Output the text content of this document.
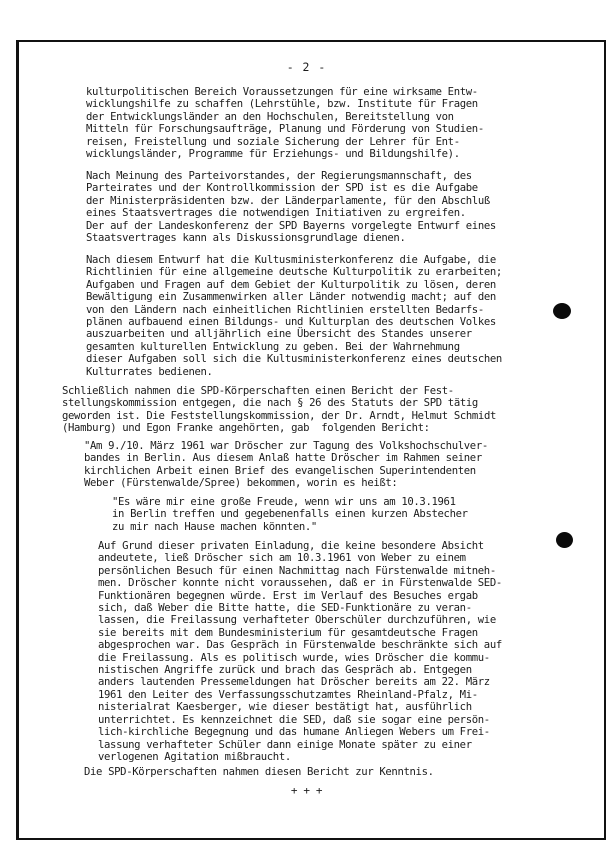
- 2 -
kulturpolitischen Bereich Voraussetzungen für eine wirksame Entw-
wicklungshilfe zu schaffen (Lehrstühle, bzw. Institute für Fragen
der Entwicklungsländer an den Hochschulen, Bereitstellung von
Mitteln für Forschungsaufträge, Planung und Förderung von Studien-
reisen, Freistellung und soziale Sicherung der Lehrer für Ent-
wicklungsländer, Programme für Erziehungs- und Bildungshilfe).
Nach Meinung des Parteivorstandes, der Regierungsmannschaft, des
Parteirates und der Kontrollkommission der SPD ist es die Aufgabe
der Ministerpräsidenten bzw. der Länderparlamente, für den Abschluß
eines Staatsvertrages die notwendigen Initiativen zu ergreifen.
Der auf der Landeskonferenz der SPD Bayerns vorgelegte Entwurf eines
Staatsvertrages kann als Diskussionsgrundlage dienen.
Nach diesem Entwurf hat die Kultusministerkonferenz die Aufgabe, die
Richtlinien für eine allgemeine deutsche Kulturpolitik zu erarbeiten;
Aufgaben und Fragen auf dem Gebiet der Kulturpolitik zu lösen, deren
Bewältigung ein Zusammenwirken aller Länder notwendig macht; auf den
von den Ländern nach einheitlichen Richtlinien erstellten Bedarfs-
plänen aufbauend einen Bildungs- und Kulturplan des deutschen Volkes
auszuarbeiten und alljährlich eine Übersicht des Standes unserer
gesamten kulturellen Entwicklung zu geben. Bei der Wahrnehmung
dieser Aufgaben soll sich die Kultusministerkonferenz eines deutschen
Kulturrates bedienen.
Schließlich nahmen die SPD-Körperschaften einen Bericht der Fest-
stellungskommission entgegen, die nach § 26 des Statuts der SPD tätig
geworden ist. Die Feststellungskommission, der Dr. Arndt, Helmut Schmidt
(Hamburg) und Egon Franke angehörten, gab  folgenden Bericht:
"Am 9./10. März 1961 war Dröscher zur Tagung des Volkshochschulver-
bandes in Berlin. Aus diesem Anlaß hatte Dröscher im Rahmen seiner
kirchlichen Arbeit einen Brief des evangelischen Superintendenten
Weber (Fürstenwalde/Spree) bekommen, worin es heißt:
"Es wäre mir eine große Freude, wenn wir uns am 10.3.1961
in Berlin treffen und gegebenenfalls einen kurzen Abstecher
zu mir nach Hause machen könnten."
Auf Grund dieser privaten Einladung, die keine besondere Absicht
andeutete, ließ Dröscher sich am 10.3.1961 von Weber zu einem
persönlichen Besuch für einen Nachmittag nach Fürstenwalde mitneh-
men. Dröscher konnte nicht voraussehen, daß er in Fürstenwalde SED-
Funktionären begegnen würde. Erst im Verlauf des Besuches ergab
sich, daß Weber die Bitte hatte, die SED-Funktionäre zu veran-
lassen, die Freilassung verhafteter Oberschüler durchzuführen, wie
sie bereits mit dem Bundesministerium für gesamtdeutsche Fragen
abgesprochen war. Das Gespräch in Fürstenwalde beschränkte sich auf
die Freilassung. Als es politisch wurde, wies Dröscher die kommu-
nistischen Angriffe zurück und brach das Gespräch ab. Entgegen
anders lautenden Pressemeldungen hat Dröscher bereits am 22. März
1961 den Leiter des Verfassungsschutzamtes Rheinland-Pfalz, Mi-
nisterialrat Kaesberger, wie dieser bestätigt hat, ausführlich
unterrichtet. Es kennzeichnet die SED, daß sie sogar eine persön-
lich-kirchliche Begegnung und das humane Anliegen Webers um Frei-
lassung verhafteter Schüler dann einige Monate später zu einer
verlogenen Agitation mißbraucht.
Die SPD-Körperschaften nahmen diesen Bericht zur Kenntnis.
+ + +
